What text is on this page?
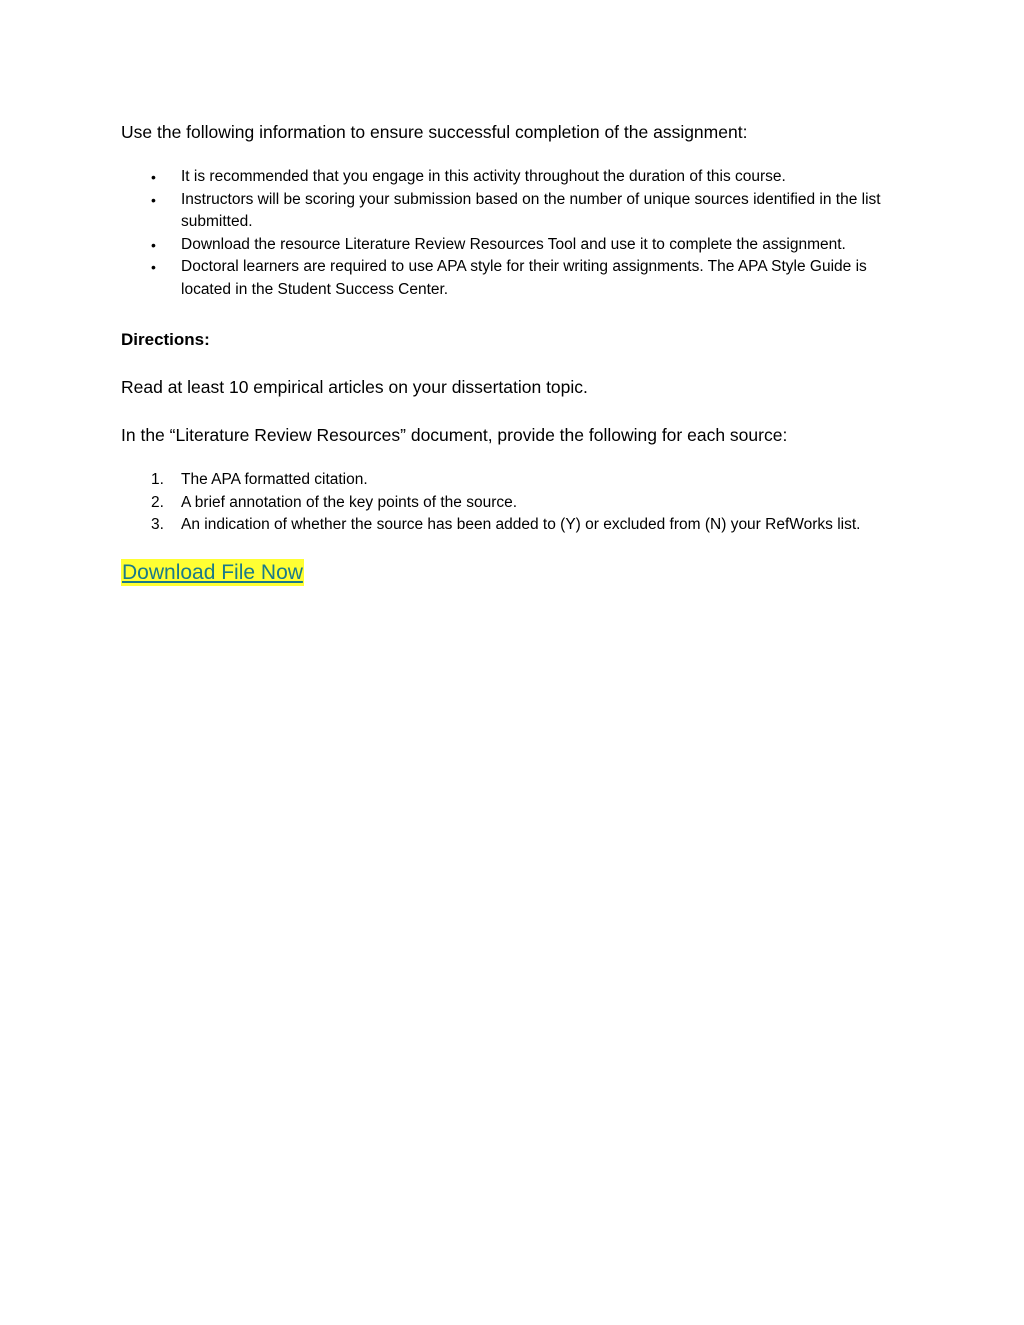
Use the following information to ensure successful completion of the assignment:

• It is recommended that you engage in this activity throughout the duration of this course.
• Instructors will be scoring your submission based on the number of unique sources identified in the list submitted.
• Download the resource Literature Review Resources Tool and use it to complete the assignment.
• Doctoral learners are required to use APA style for their writing assignments. The APA Style Guide is located in the Student Success Center.

Directions:

Read at least 10 empirical articles on your dissertation topic.

In the “Literature Review Resources” document, provide the following for each source:

1. The APA formatted citation.
2. A brief annotation of the key points of the source.
3. An indication of whether the source has been added to (Y) or excluded from (N) your RefWorks list.
Download File Now
